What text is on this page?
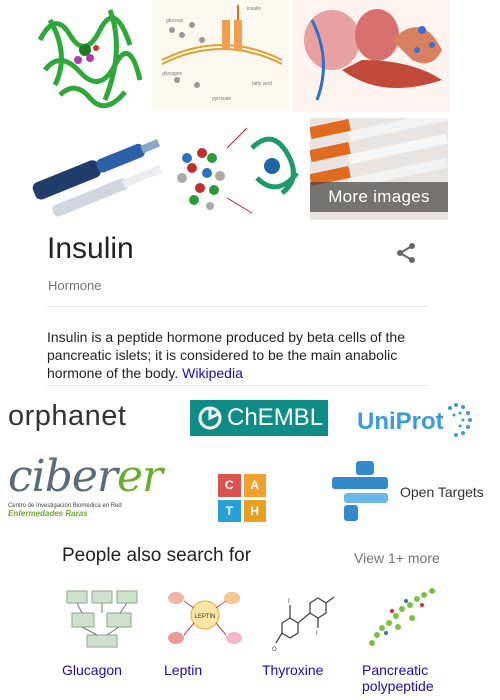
glucose
insulin
glucagon
pyruvate
fatty acid
More images
Insulin
Hormone
Insulin is a peptide hormone produced by beta cells of the pancreatic islets; it is considered to be the main anabolic hormone of the body. Wikipedia
orphanet	ChEMBL UniProt
ciberer
Centro de Investigación Biomédica en Red
Enfermedades Raras
C	A
T	H
Open Targets
People also search for	View 1+ more
Glucagon
LEPTIN
Leptin
I
I
O
Thyroxine	Pancreatic polypeptide
